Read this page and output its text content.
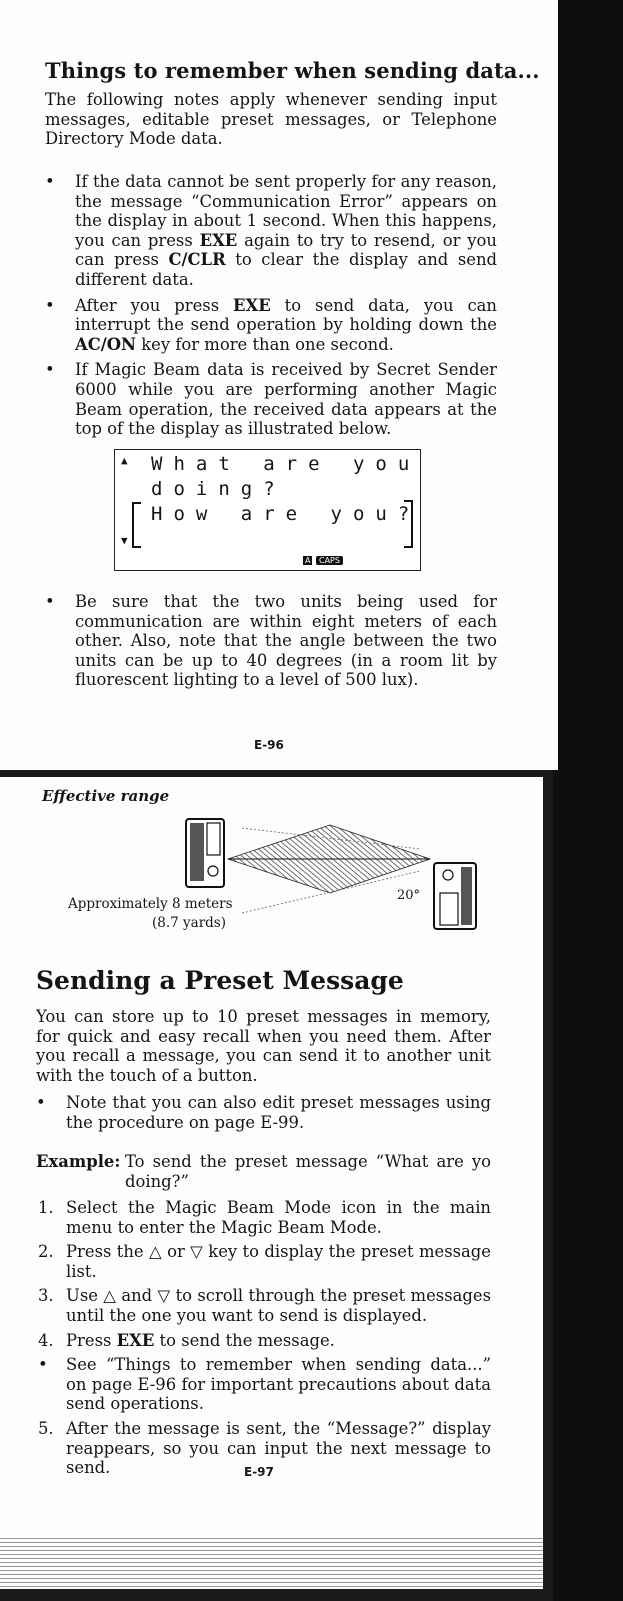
Things to remember when sending data...

The following notes apply whenever sending input messages, editable preset messages, or Telephone Directory Mode data.

• If the data cannot be sent properly for any reason, the message “Communication Error” appears on the display in about 1 second. When this happens, you can press EXE again to try to resend, or you can press C/CLR to clear the display and send different data.
• After you press EXE to send data, you can interrupt the send operation by holding down the AC/ON key for more than one second.
• If Magic Beam data is received by Secret Sender 6000 while you are performing another Magic Beam operation, the received data appears at the top of the display as illustrated below.
▲
▼
What are you
doing?
How are you?
A	CAPS
• Be sure that the two units being used for communication are within eight meters of each other. Also, note that the angle between the two units can be up to 40 degrees (in a room lit by fluorescent lighting to a level of 500 lux).
E-96
Effective range
20°
Approximately 8 meters
(8.7 yards)
Sending a Preset Message

You can store up to 10 preset messages in memory, for quick and easy recall when you need them. After you recall a message, you can send it to another unit with the touch of a button.

• Note that you can also edit preset messages using the procedure on page E-99.
Example: To send the preset message “What are yo doing?”
1. Select the Magic Beam Mode icon in the main menu to enter the Magic Beam Mode.
2. Press the △ or ▽ key to display the preset message list.
3. Use △ and ▽ to scroll through the preset messages until the one you want to send is displayed.
4. Press EXE to send the message.
• See “Things to remember when sending data...” on page E-96 for important precautions about data send operations.
5. After the message is sent, the “Message?” display reappears, so you can input the next message to send.	E-97
